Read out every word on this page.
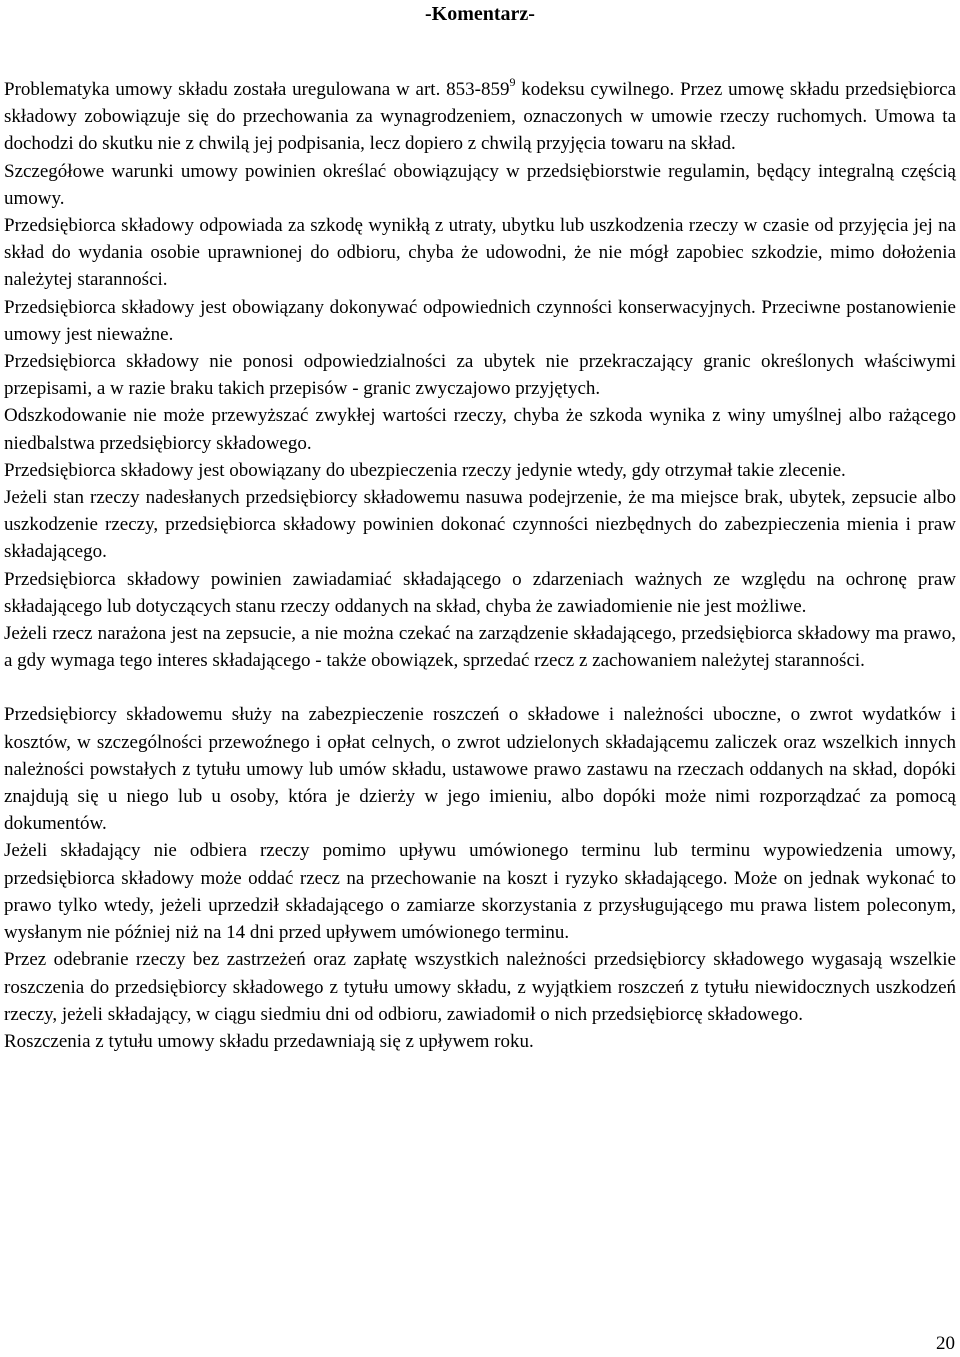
-Komentarz-

Problematyka umowy składu została uregulowana w art. $853-859^9$ kodeksu cywilnego. Przez umowę składu przedsiębiorca składowy zobowiązuje się do przechowania za wynagrodzeniem, oznaczonych w umowie rzeczy ruchomych. Umowa ta dochodzi do skutku nie z chwilą jej podpisania, lecz dopiero z chwilą przyjęcia towaru na skład.

Szczegółowe warunki umowy powinien określać obowiązujący w przedsiębiorstwie regulamin, będący integralną częścią umowy.

Przedsiębiorca składowy odpowiada za szkodę wynikłą z utraty, ubytku lub uszkodzenia rzeczy w czasie od przyjęcia jej na skład do wydania osobie uprawnionej do odbioru, chyba że udowodni, że nie mógł zapobiec szkodzie, mimo dołożenia należytej staranności.

Przedsiębiorca składowy jest obowiązany dokonywać odpowiednich czynności konserwacyjnych. Przeciwne postanowienie umowy jest nieważne.

Przedsiębiorca składowy nie ponosi odpowiedzialności za ubytek nie przekraczający granic określonych właściwymi przepisami, a w razie braku takich przepisów - granic zwyczajowo przyjętych.

Odszkodowanie nie może przewyższać zwykłej wartości rzeczy, chyba że szkoda wynika z winy umyślnej albo rażącego niedbalstwa przedsiębiorcy składowego.

Przedsiębiorca składowy jest obowiązany do ubezpieczenia rzeczy jedynie wtedy, gdy otrzymał takie zlecenie.

Jeżeli stan rzeczy nadesłanych przedsiębiorcy składowemu nasuwa podejrzenie, że ma miejsce brak, ubytek, zepsucie albo uszkodzenie rzeczy, przedsiębiorca składowy powinien dokonać czynności niezbędnych do zabezpieczenia mienia i praw składającego.

Przedsiębiorca składowy powinien zawiadamiać składającego o zdarzeniach ważnych ze względu na ochronę praw składającego lub dotyczących stanu rzeczy oddanych na skład, chyba że zawiadomienie nie jest możliwe.

Jeżeli rzecz narażona jest na zepsucie, a nie można czekać na zarządzenie składającego, przedsiębiorca składowy ma prawo, a gdy wymaga tego interes składającego - także obowiązek, sprzedać rzecz z zachowaniem należytej staranności.

Przedsiębiorcy składowemu służy na zabezpieczenie roszczeń o składowe i należności uboczne, o zwrot wydatków i kosztów, w szczególności przewoźnego i opłat celnych, o zwrot udzielonych składającemu zaliczek oraz wszelkich innych należności powstałych z tytułu umowy lub umów składu, ustawowe prawo zastawu na rzeczach oddanych na skład, dopóki znajdują się u niego lub u osoby, która je dzierży w jego imieniu, albo dopóki może nimi rozporządzać za pomocą dokumentów.

Jeżeli składający nie odbiera rzeczy pomimo upływu umówionego terminu lub terminu wypowiedzenia umowy, przedsiębiorca składowy może oddać rzecz na przechowanie na koszt i ryzyko składającego. Może on jednak wykonać to prawo tylko wtedy, jeżeli uprzedził składającego o zamiarze skorzystania z przysługującego mu prawa listem poleconym, wysłanym nie później niż na 14 dni przed upływem umówionego terminu.

Przez odebranie rzeczy bez zastrzeżeń oraz zapłatę wszystkich należności przedsiębiorcy składowego wygasają wszelkie roszczenia do przedsiębiorcy składowego z tytułu umowy składu, z wyjątkiem roszczeń z tytułu niewidocznych uszkodzeń rzeczy, jeżeli składający, w ciągu siedmiu dni od odbioru, zawiadomił o nich przedsiębiorcę składowego.

Roszczenia z tytułu umowy składu przedawniają się z upływem roku.

20
